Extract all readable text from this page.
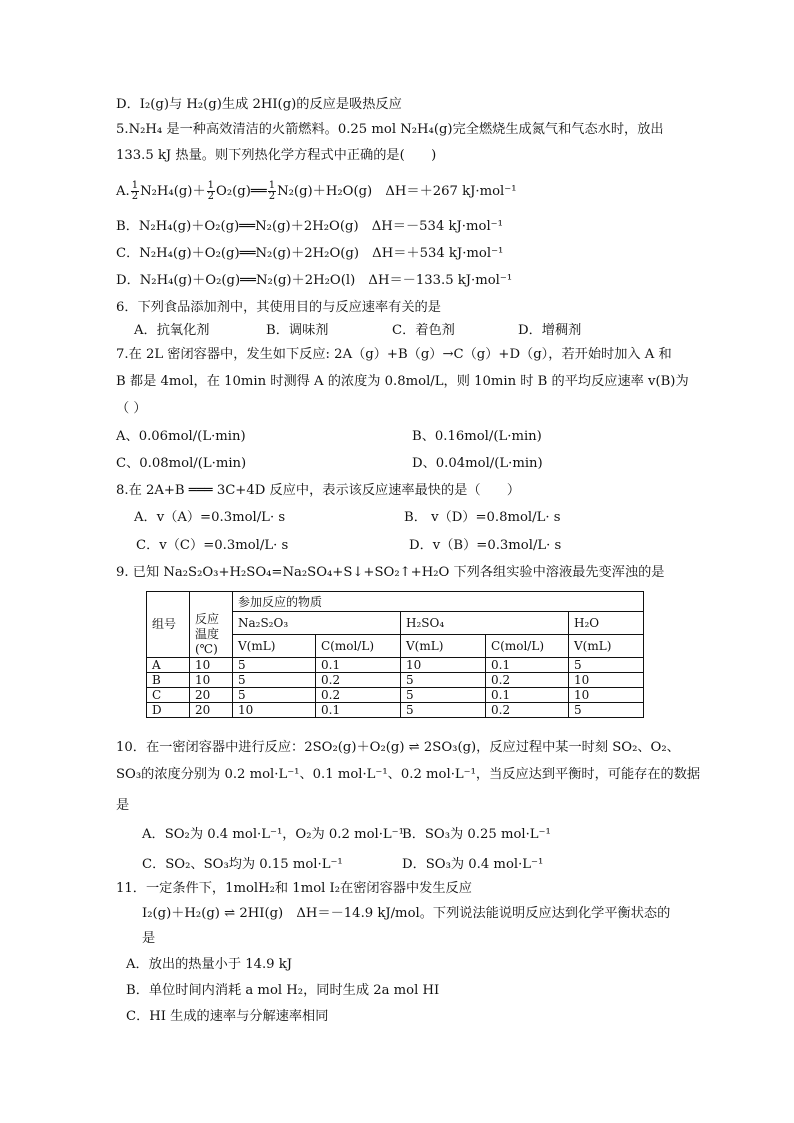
D．I₂(g)与 H₂(g)生成 2HI(g)的反应是吸热反应
5.N₂H₄ 是一种高效清洁的火箭燃料。0.25 mol N₂H₄(g)完全燃烧生成氮气和气态水时，放出
133.5 kJ 热量。则下列热化学方程式中正确的是(　　)
A. $\frac{1}{2} N_2H_4(g)+ \frac{1}{2}$ O₂(g)══ $\frac{1}{2} N_2(g)+H_2O(g)$　ΔH＝＋267 kJ·mol⁻¹
B．N₂H₄(g)＋O₂(g)══N₂(g)＋2H₂O(g)　ΔH＝－534 kJ·mol⁻¹
C．N₂H₄(g)＋O₂(g)══N₂(g)＋2H₂O(g)　ΔH＝＋534 kJ·mol⁻¹
D．N₂H₄(g)＋O₂(g)══N₂(g)＋2H₂O(l)　ΔH＝－133.5 kJ·mol⁻¹
6．下列食品添加剂中，其使用目的与反应速率有关的是
A．抗氧化剂	B．调味剂	C．着色剂	D．增稠剂
7.在 2L 密闭容器中，发生如下反应: 2A（g）+B（g）→C（g）+D（g），若开始时加入 A 和
B 都是 4mol，在 10min 时测得 A 的浓度为 0.8mol/L，则 10min 时 B 的平均反应速率 v(B)为
（ ）
A、0.06mol/(L·min)	B、0.16mol/(L·min)
C、0.08mol/(L·min)	D、0.04mol/(L·min)
8.在 2A+B ═══ 3C+4D 反应中，表示该反应速率最快的是（　　）
A．v（A）=0.3mol/L· s	B． v（D）=0.8mol/L· s
C．v（C）=0.3mol/L· s	D．v（B）=0.3mol/L· s
9. 已知 Na₂S₂O₃+H₂SO₄=Na₂SO₄+S↓+SO₂↑+H₂O 下列各组实验中溶液最先变浑浊的是
组号		参加反应的物质				
	反应温度(℃)	Na₂S₂O₃		H₂SO₄		H₂O
		V(mL)	C(mol/L)	V(mL)	C(mol/L)	V(mL)
A	10	5	0.1	10	0.1	5
B	10	5	0.2	5	0.2	10
C	20	5	0.2	5	0.1	10
D	20	10	0.1	5	0.2	5
10．在一密闭容器中进行反应：2SO₂(g)＋O₂(g) ⇌ 2SO₃(g)，反应过程中某一时刻 SO₂、O₂、
SO₃的浓度分别为 0.2 mol·L⁻¹、0.1 mol·L⁻¹、0.2 mol·L⁻¹，当反应达到平衡时，可能存在的数据
是
A．SO₂为 0.4 mol·L⁻¹，O₂为 0.2 mol·L⁻¹
B．SO₃为 0.25 mol·L⁻¹
C．SO₂、SO₃均为 0.15 mol·L⁻¹	D．SO₃为 0.4 mol·L⁻¹
11．一定条件下，1molH₂和 1mol I₂在密闭容器中发生反应
I₂(g)＋H₂(g) ⇌ 2HI(g)　ΔH＝－14.9 kJ/mol。下列说法能说明反应达到化学平衡状态的
是
A．放出的热量小于 14.9 kJ
B．单位时间内消耗 a mol H₂，同时生成 2a mol HI
C．HI 生成的速率与分解速率相同
